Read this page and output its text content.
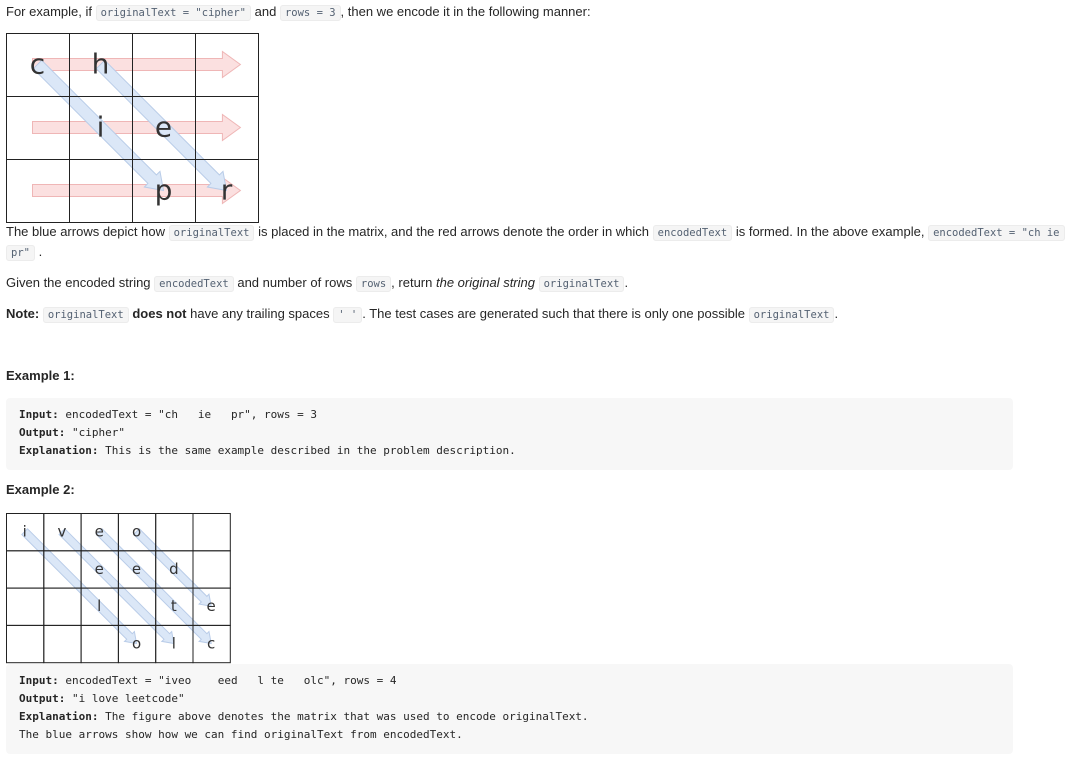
For example, if originalText = "cipher" and rows = 3 , then we encode it in the following manner:
c h
i e
p r
The blue arrows depict how originalText is placed in the matrix, and the red arrows denote the order in which encodedText is formed. In the above example, encodedText = "ch ie
pr" .
Given the encoded string encodedText and number of rows rows , return the original string originalText .
Note: originalText does not have any trailing spaces ' ' . The test cases are generated such that there is only one possible originalText .
Example 1:
Input: encodedText = "ch   ie   pr", rows = 3
Output: "cipher"
Explanation: This is the same example described in the problem description.
Example 2:
i v e o
e e d
l	t e
o l c
Input: encodedText = "iveo    eed   l te   olc", rows = 4
Output: "i love leetcode"
Explanation: The figure above denotes the matrix that was used to encode originalText.
The blue arrows show how we can find originalText from encodedText.
